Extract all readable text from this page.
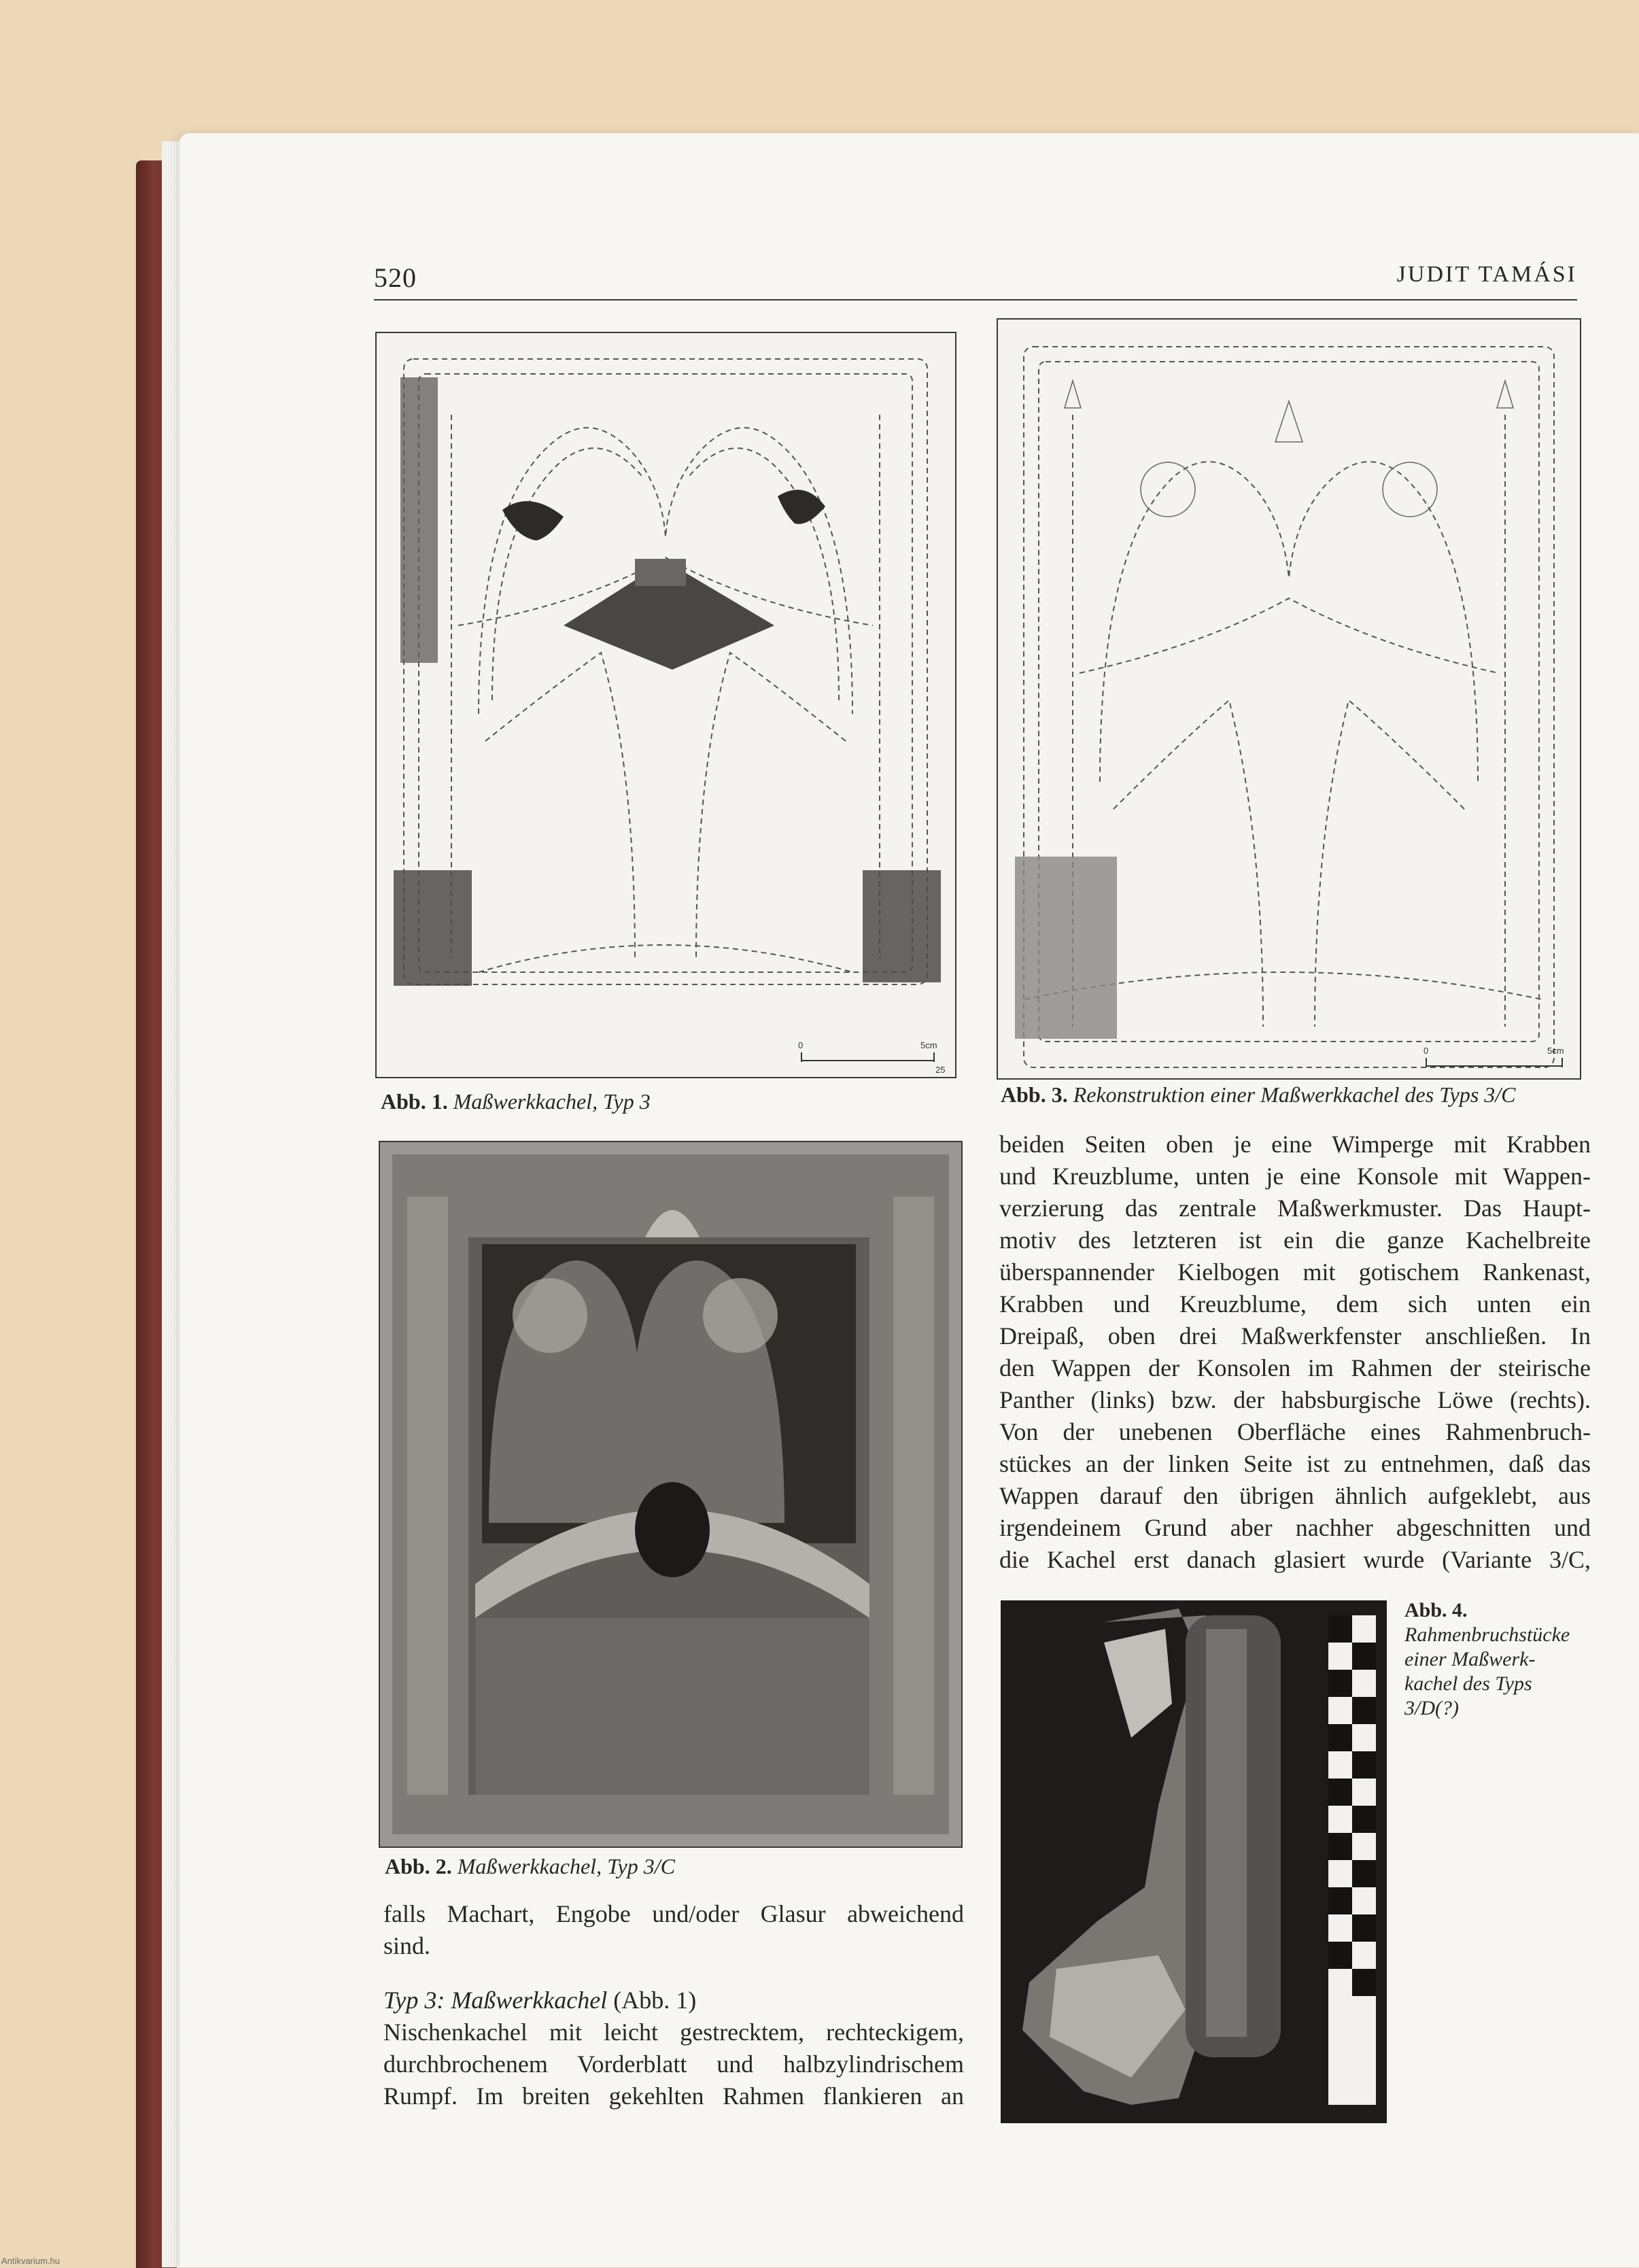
520	JUDIT TAMÁSI
0	5cm
25
Abb. 1. Maßwerkkachel, Typ 3
0	5cm
Abb. 3. Rekonstruktion einer Maßwerkkachel des Typs 3/C
Abb. 2. Maßwerkkachel, Typ 3/C
Abb. 4.
Rahmenbruchstücke
einer Maßwerk-
kachel des Typs
3/D(?)
beiden Seiten oben je eine Wimperge mit Krabben
und Kreuzblume, unten je eine Konsole mit Wappen-
verzierung das zentrale Maßwerkmuster. Das Haupt-
motiv des letzteren ist ein die ganze Kachelbreite
überspannender Kielbogen mit gotischem Rankenast,
Krabben und Kreuzblume, dem sich unten ein
Dreipaß, oben drei Maßwerkfenster anschließen. In
den Wappen der Konsolen im Rahmen der steirische
Panther (links) bzw. der habsburgische Löwe (rechts).
Von der unebenen Oberfläche eines Rahmenbruch-
stückes an der linken Seite ist zu entnehmen, daß das
Wappen darauf den übrigen ähnlich aufgeklebt, aus
irgendeinem Grund aber nachher abgeschnitten und
die Kachel erst danach glasiert wurde (Variante 3/C,
falls Machart, Engobe und/oder Glasur abweichend
sind.
Typ 3: Maßwerkkachel (Abb. 1)
Nischenkachel mit leicht gestrecktem, rechteckigem,
durchbrochenem Vorderblatt und halbzylindrischem
Rumpf. Im breiten gekehlten Rahmen flankieren an
Antikvarium.hu
